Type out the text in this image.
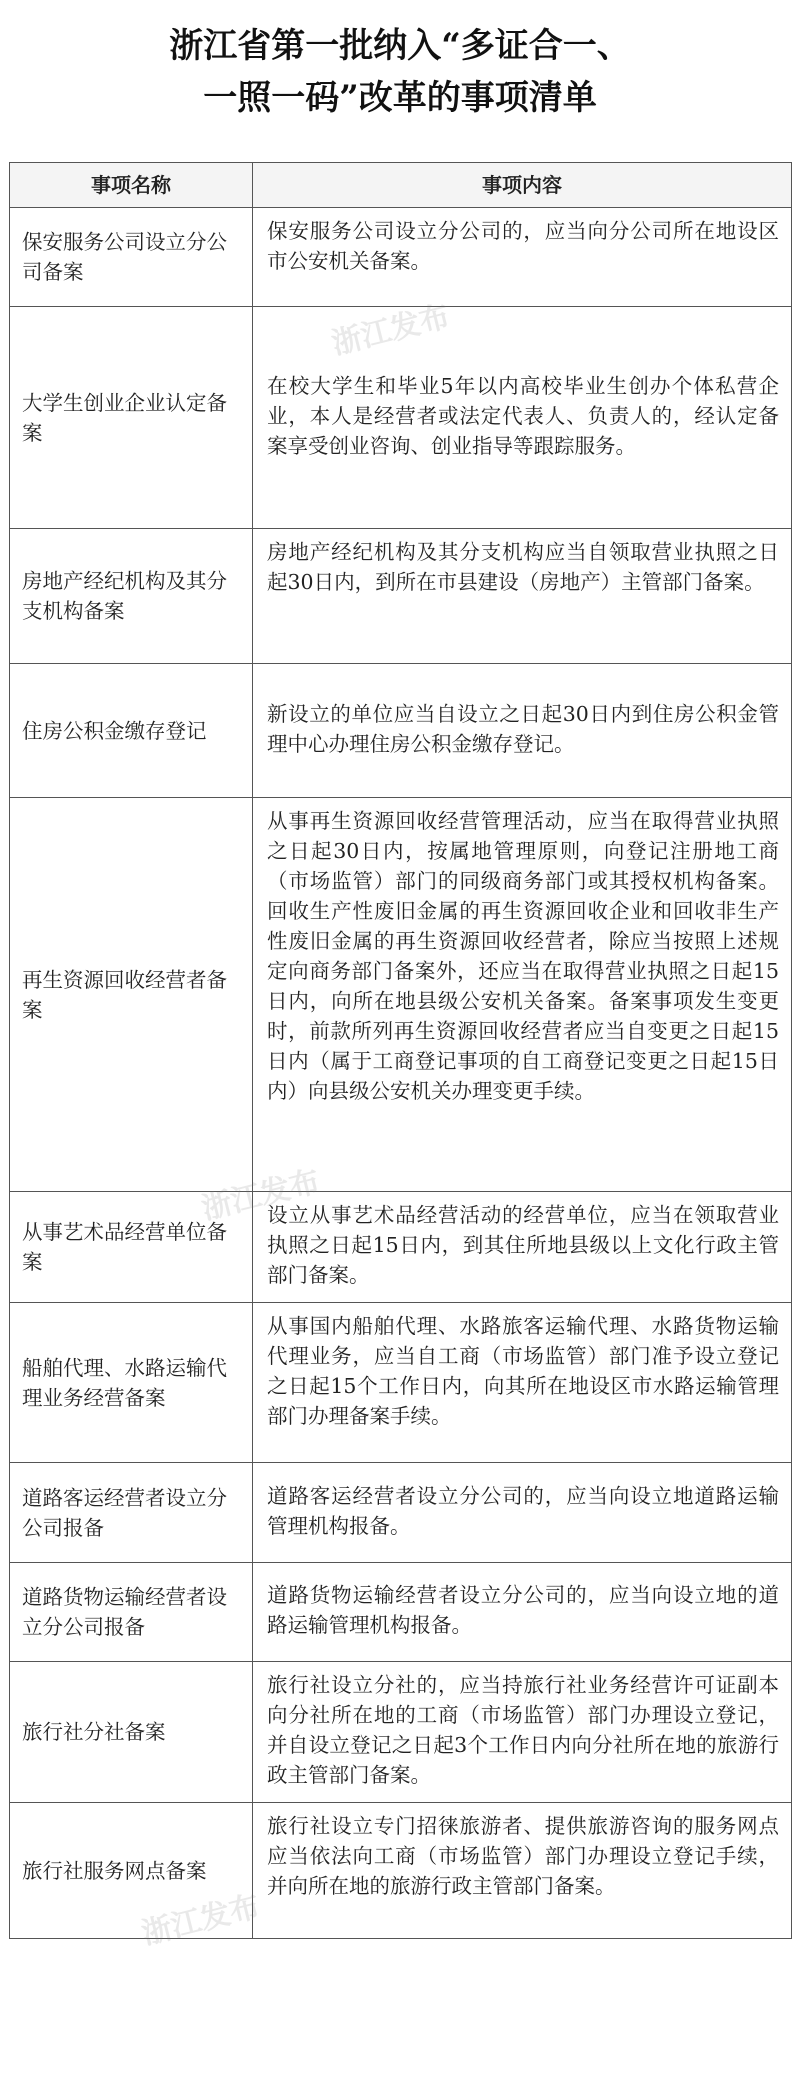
浙江省第一批纳入“多证合一、
一照一码”改革的事项清单
事项名称	事项内容
保安服务公司设立分公司备案	保安服务公司设立分公司的，应当向分公司所在地设区市公安机关备案。
大学生创业企业认定备案	在校大学生和毕业5年以内高校毕业生创办个体私营企业，本人是经营者或法定代表人、负责人的，经认定备案享受创业咨询、创业指导等跟踪服务。
房地产经纪机构及其分支机构备案	房地产经纪机构及其分支机构应当自领取营业执照之日起30日内，到所在市县建设（房地产）主管部门备案。
住房公积金缴存登记	新设立的单位应当自设立之日起30日内到住房公积金管理中心办理住房公积金缴存登记。
再生资源回收经营者备案	从事再生资源回收经营管理活动，应当在取得营业执照之日起30日内，按属地管理原则，向登记注册地工商（市场监管）部门的同级商务部门或其授权机构备案。回收生产性废旧金属的再生资源回收企业和回收非生产性废旧金属的再生资源回收经营者，除应当按照上述规定向商务部门备案外，还应当在取得营业执照之日起15日内，向所在地县级公安机关备案。备案事项发生变更时，前款所列再生资源回收经营者应当自变更之日起15日内（属于工商登记事项的自工商登记变更之日起15日内）向县级公安机关办理变更手续。
从事艺术品经营单位备案	设立从事艺术品经营活动的经营单位，应当在领取营业执照之日起15日内，到其住所地县级以上文化行政主管部门备案。
船舶代理、水路运输代理业务经营备案	从事国内船舶代理、水路旅客运输代理、水路货物运输代理业务，应当自工商（市场监管）部门准予设立登记之日起15个工作日内，向其所在地设区市水路运输管理部门办理备案手续。
道路客运经营者设立分公司报备	道路客运经营者设立分公司的，应当向设立地道路运输管理机构报备。
道路货物运输经营者设立分公司报备	道路货物运输经营者设立分公司的，应当向设立地的道路运输管理机构报备。
旅行社分社备案	旅行社设立分社的，应当持旅行社业务经营许可证副本向分社所在地的工商（市场监管）部门办理设立登记，并自设立登记之日起3个工作日内向分社所在地的旅游行政主管部门备案。
旅行社服务网点备案	旅行社设立专门招徕旅游者、提供旅游咨询的服务网点应当依法向工商（市场监管）部门办理设立登记手续，并向所在地的旅游行政主管部门备案。
浙江发布
浙江发布
浙江发布
